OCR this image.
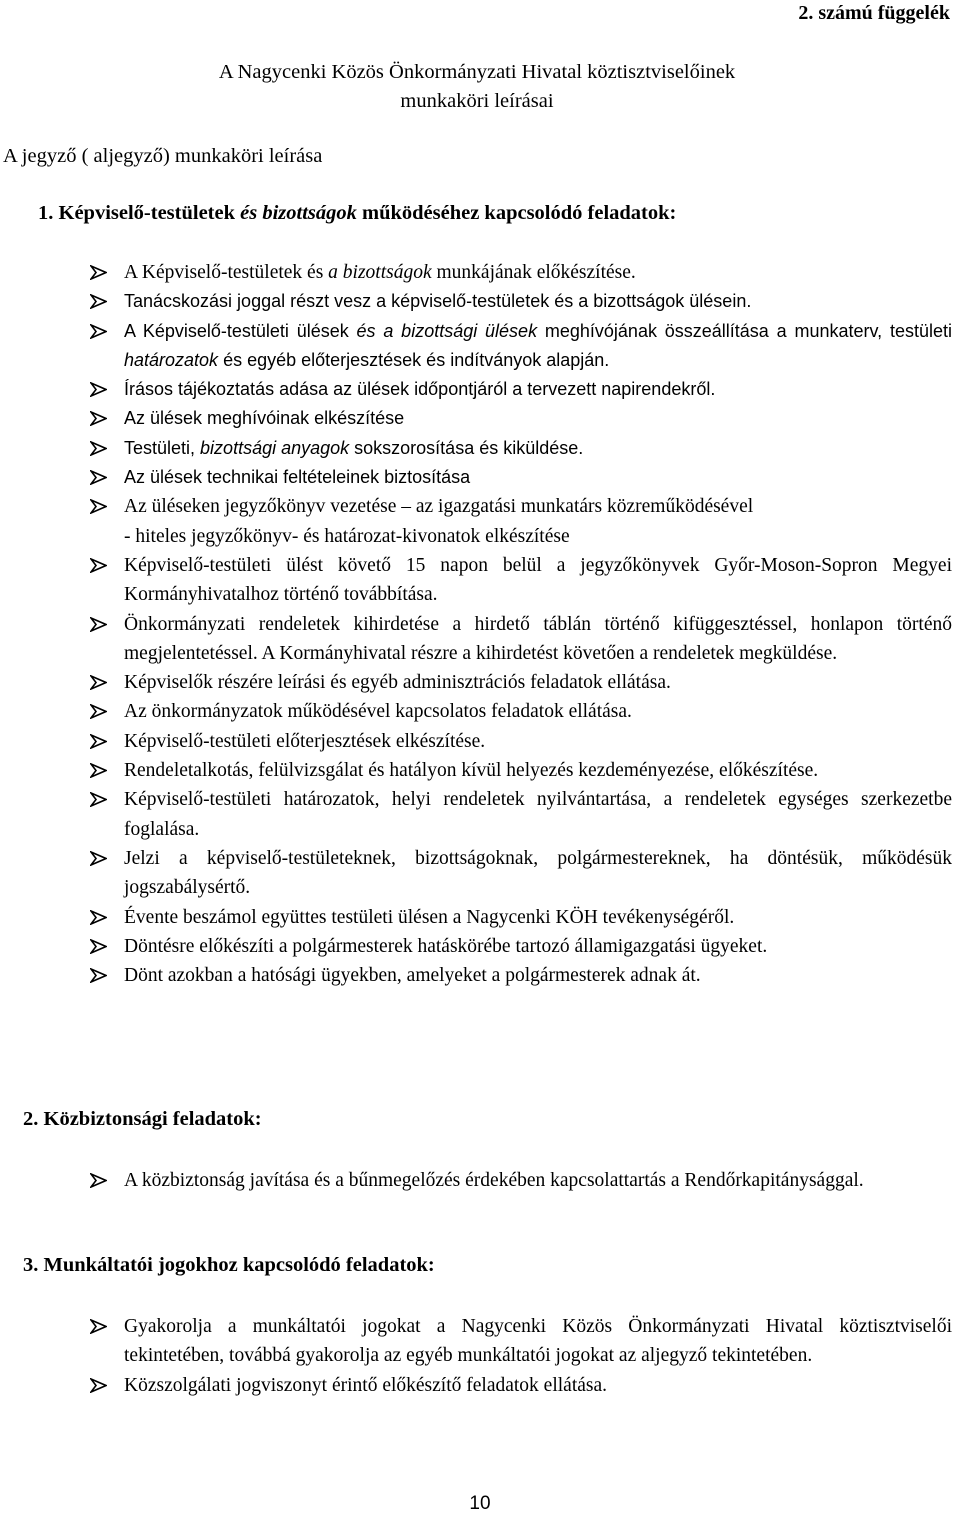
2. számú függelék
A Nagycenki Közös Önkormányzati Hivatal köztisztviselőinek
munkaköri leírásai
A jegyző ( aljegyző) munkaköri leírása
1. Képviselő-testületek és bizottságok működéséhez kapcsolódó feladatok:
A Képviselő-testületek és a bizottságok munkájának előkészítése.
Tanácskozási joggal részt vesz a képviselő-testületek és a bizottságok ülésein.
A Képviselő-testületi ülések és a bizottsági ülések meghívójának összeállítása a munkaterv, testületi határozatok és egyéb előterjesztések és indítványok alapján.
Írásos tájékoztatás adása az ülések időpontjáról a tervezett napirendekről.
Az ülések meghívóinak elkészítése
Testületi, bizottsági anyagok sokszorosítása és kiküldése.
Az ülések technikai feltételeinek biztosítása
Az üléseken jegyzőkönyv vezetése – az igazgatási munkatárs közreműködésével
- hiteles jegyzőkönyv- és határozat-kivonatok elkészítése
Képviselő-testületi ülést követő 15 napon belül a jegyzőkönyvek Győr-Moson-Sopron Megyei Kormányhivatalhoz történő továbbítása.
Önkormányzati rendeletek kihirdetése a hirdető táblán történő kifüggesztéssel, honlapon történő megjelentetéssel. A Kormányhivatal részre a kihirdetést követően a rendeletek megküldése.
Képviselők részére leírási és egyéb adminisztrációs feladatok ellátása.
Az önkormányzatok működésével kapcsolatos feladatok ellátása.
Képviselő-testületi előterjesztések elkészítése.
Rendeletalkotás, felülvizsgálat és hatályon kívül helyezés kezdeményezése, előkészítése.
Képviselő-testületi határozatok, helyi rendeletek nyilvántartása, a rendeletek egységes szerkezetbe foglalása.
Jelzi a képviselő-testületeknek, bizottságoknak, polgármestereknek, ha döntésük, működésük jogszabálysértő.
Évente beszámol együttes testületi ülésen a Nagycenki KÖH tevékenységéről.
Döntésre előkészíti a polgármesterek hatáskörébe tartozó államigazgatási ügyeket.
Dönt azokban a hatósági ügyekben, amelyeket a polgármesterek adnak át.
2. Közbiztonsági feladatok:
A közbiztonság javítása és a bűnmegelőzés érdekében kapcsolattartás a Rendőrkapitánysággal.
3. Munkáltatói jogokhoz kapcsolódó feladatok:
Gyakorolja a munkáltatói jogokat a Nagycenki Közös Önkormányzati Hivatal köztisztviselői tekintetében, továbbá gyakorolja az egyéb munkáltatói jogokat az aljegyző tekintetében.
Közszolgálati jogviszonyt érintő előkészítő feladatok ellátása.
10
